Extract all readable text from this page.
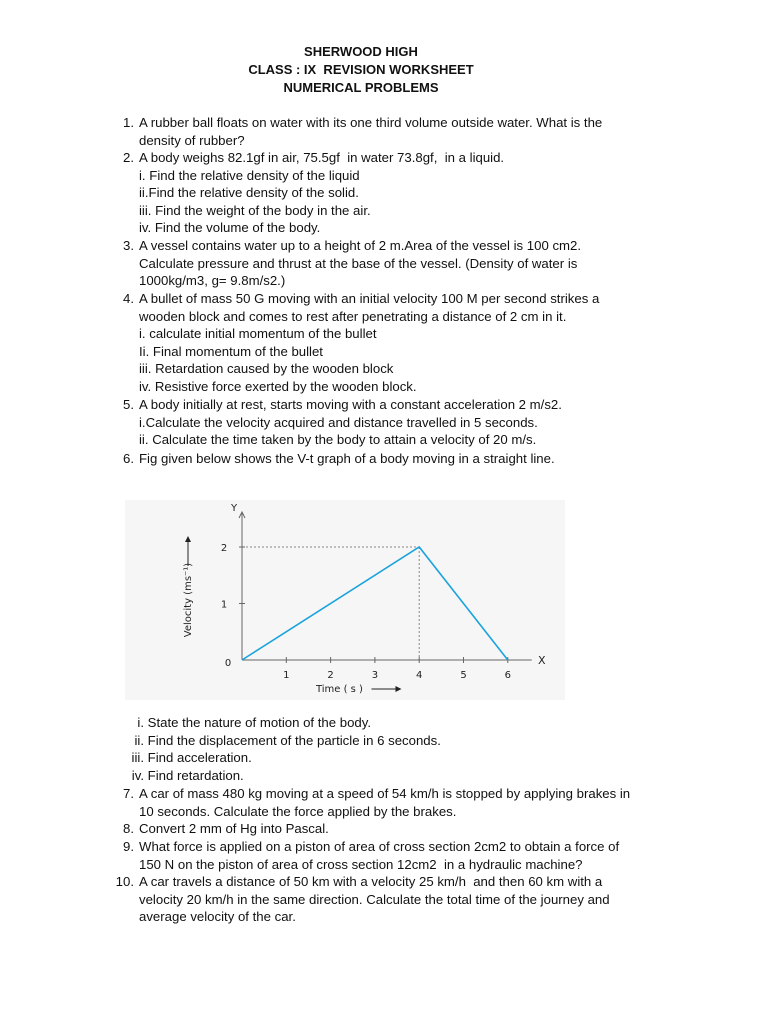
SHERWOOD HIGH
CLASS : IX  REVISION WORKSHEET
NUMERICAL PROBLEMS
1. A rubber ball floats on water with its one third volume outside water. What is the
density of rubber?
2. A body weighs 82.1gf in air, 75.5gf  in water 73.8gf,  in a liquid.
i. Find the relative density of the liquid
ii.Find the relative density of the solid.
iii. Find the weight of the body in the air.
iv. Find the volume of the body.
3. A vessel contains water up to a height of 2 m.Area of the vessel is 100 cm2.
Calculate pressure and thrust at the base of the vessel. (Density of water is
1000kg/m3, g= 9.8m/s2.)
4. A bullet of mass 50 G moving with an initial velocity 100 M per second strikes a
wooden block and comes to rest after penetrating a distance of 2 cm in it.
i. calculate initial momentum of the bullet
Ii. Final momentum of the bullet
iii. Retardation caused by the wooden block
iv. Resistive force exerted by the wooden block.
5. A body initially at rest, starts moving with a constant acceleration 2 m/s2.
i.Calculate the velocity acquired and distance travelled in 5 seconds.
ii. Calculate the time taken by the body to attain a velocity of 20 m/s.
6. Fig given below shows the V-t graph of a body moving in a straight line.
1	2	3	4	5	6
1
2
0	X
Y
Time ( s )
Velocity (ms⁻¹)
i. State the nature of motion of the body.
ii. Find the displacement of the particle in 6 seconds.
iii. Find acceleration.
iv. Find retardation.
7. A car of mass 480 kg moving at a speed of 54 km/h is stopped by applying brakes in
10 seconds. Calculate the force applied by the brakes.
8. Convert 2 mm of Hg into Pascal.
9. What force is applied on a piston of area of cross section 2cm2 to obtain a force of
150 N on the piston of area of cross section 12cm2  in a hydraulic machine?
10. A car travels a distance of 50 km with a velocity 25 km/h  and then 60 km with a
velocity 20 km/h in the same direction. Calculate the total time of the journey and
average velocity of the car.
